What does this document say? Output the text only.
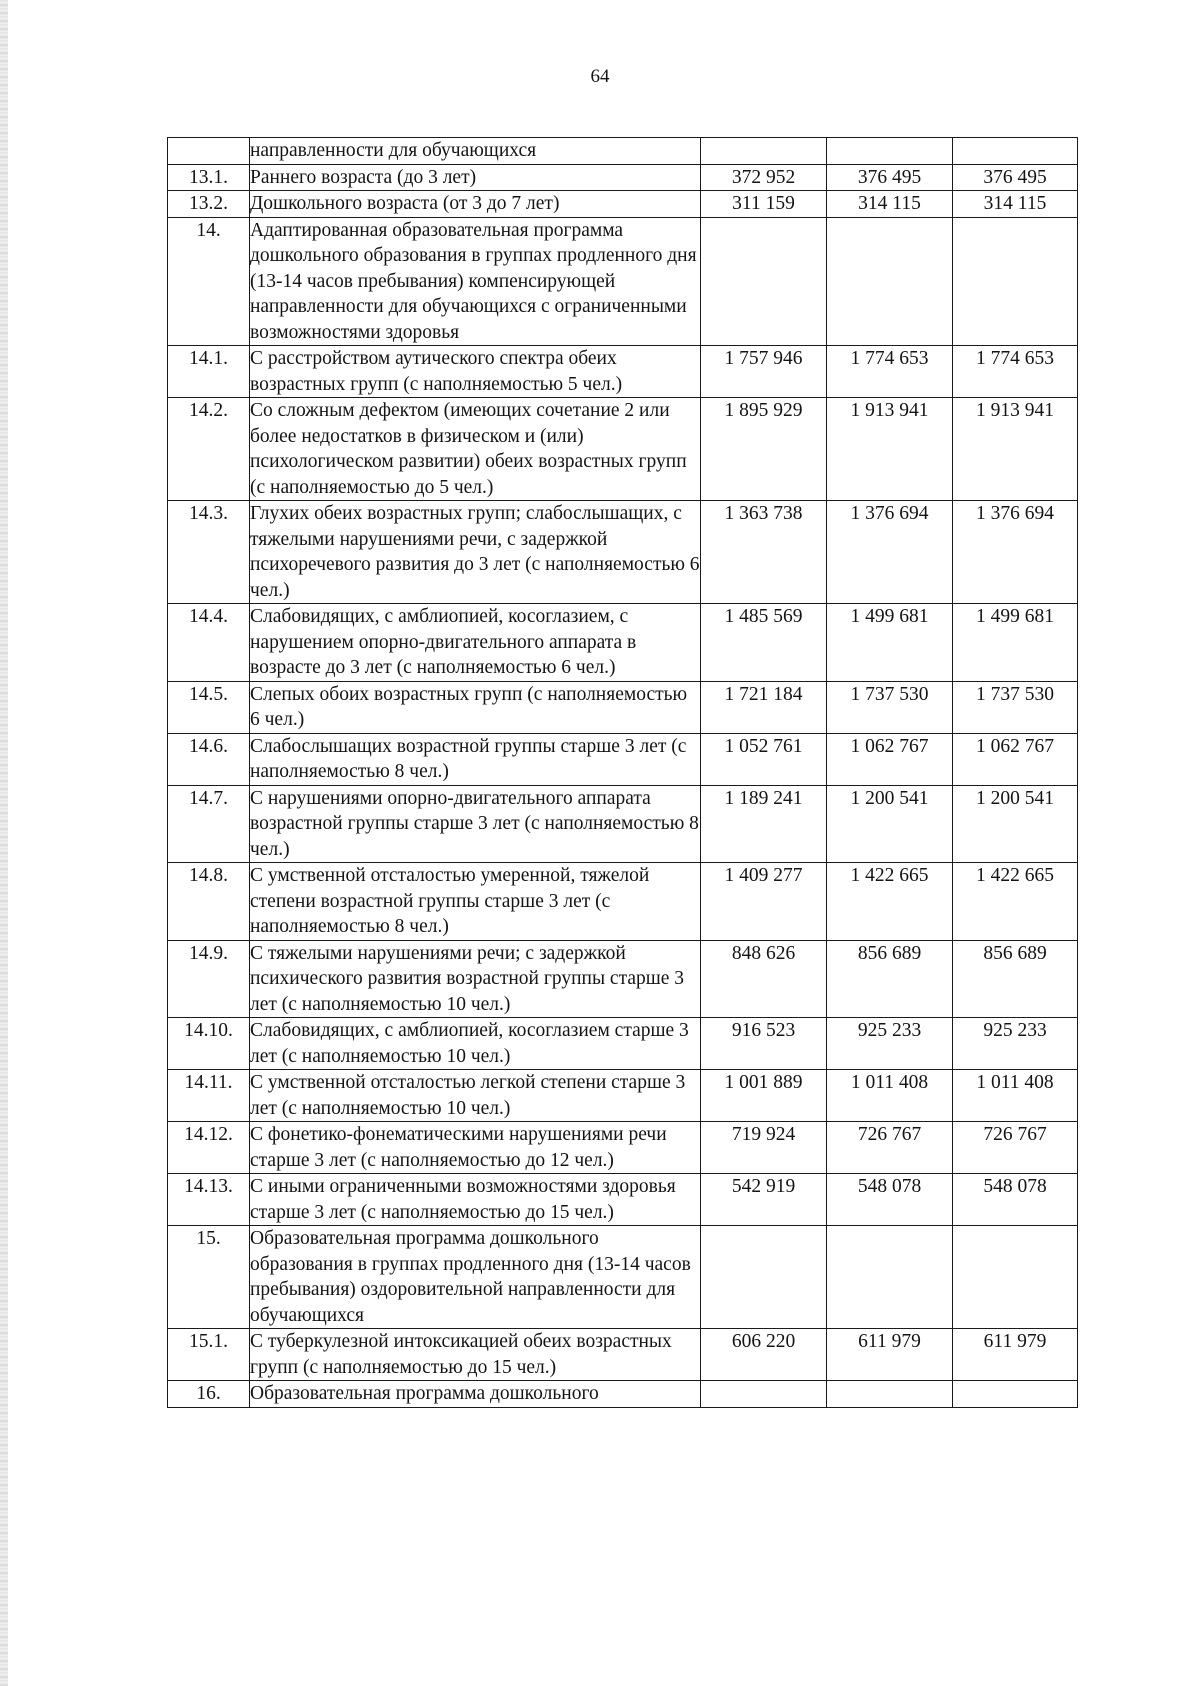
64
	направленности для обучающихся			
13.1.	Раннего возраста (до 3 лет)	372 952	376 495	376 495
13.2.	Дошкольного возраста (от 3 до 7 лет)	311 159	314 115	314 115
14.	Адаптированная образовательная программа дошкольного образования в группах продленного дня (13-14 часов пребывания) компенсирующей направленности для обучающихся с ограниченными возможностями здоровья			
14.1.	С расстройством аутического спектра обеих возрастных групп (с наполняемостью 5 чел.)	1 757 946	1 774 653	1 774 653
14.2.	Со сложным дефектом (имеющих сочетание 2 или более недостатков в физическом и (или) психологическом развитии) обеих возрастных групп (с наполняемостью до 5 чел.)	1 895 929	1 913 941	1 913 941
14.3.	Глухих обеих возрастных групп; слабослышащих, с тяжелыми нарушениями речи, с задержкой психоречевого развития до 3 лет (с наполняемостью 6 чел.)	1 363 738	1 376 694	1 376 694
14.4.	Слабовидящих, с амблиопией, косоглазием, с нарушением опорно-двигательного аппарата в возрасте до 3 лет (с наполняемостью 6 чел.)	1 485 569	1 499 681	1 499 681
14.5.	Слепых обоих возрастных групп (с наполняемостью 6 чел.)	1 721 184	1 737 530	1 737 530
14.6.	Слабослышащих возрастной группы старше 3 лет (с наполняемостью 8 чел.)	1 052 761	1 062 767	1 062 767
14.7.	С нарушениями опорно-двигательного аппарата возрастной группы старше 3 лет (с наполняемостью 8 чел.)	1 189 241	1 200 541	1 200 541
14.8.	С умственной отсталостью умеренной, тяжелой степени возрастной группы старше 3 лет (с наполняемостью 8 чел.)	1 409 277	1 422 665	1 422 665
14.9.	С тяжелыми нарушениями речи; с задержкой психического развития возрастной группы старше 3 лет (с наполняемостью 10 чел.)	848 626	856 689	856 689
14.10.	Слабовидящих, с амблиопией, косоглазием старше 3 лет (с наполняемостью 10 чел.)	916 523	925 233	925 233
14.11.	С умственной отсталостью легкой степени старше 3 лет (с наполняемостью 10 чел.)	1 001 889	1 011 408	1 011 408
14.12.	С фонетико-фонематическими нарушениями речи старше 3 лет (с наполняемостью до 12 чел.)	719 924	726 767	726 767
14.13.	С иными ограниченными возможностями здоровья старше 3 лет (с наполняемостью до 15 чел.)	542 919	548 078	548 078
15.	Образовательная программа дошкольного образования в группах продленного дня (13-14 часов пребывания) оздоровительной направленности для обучающихся			
15.1.	С туберкулезной интоксикацией обеих возрастных групп (с наполняемостью до 15 чел.)	606 220	611 979	611 979
16.	Образовательная программа дошкольного			
